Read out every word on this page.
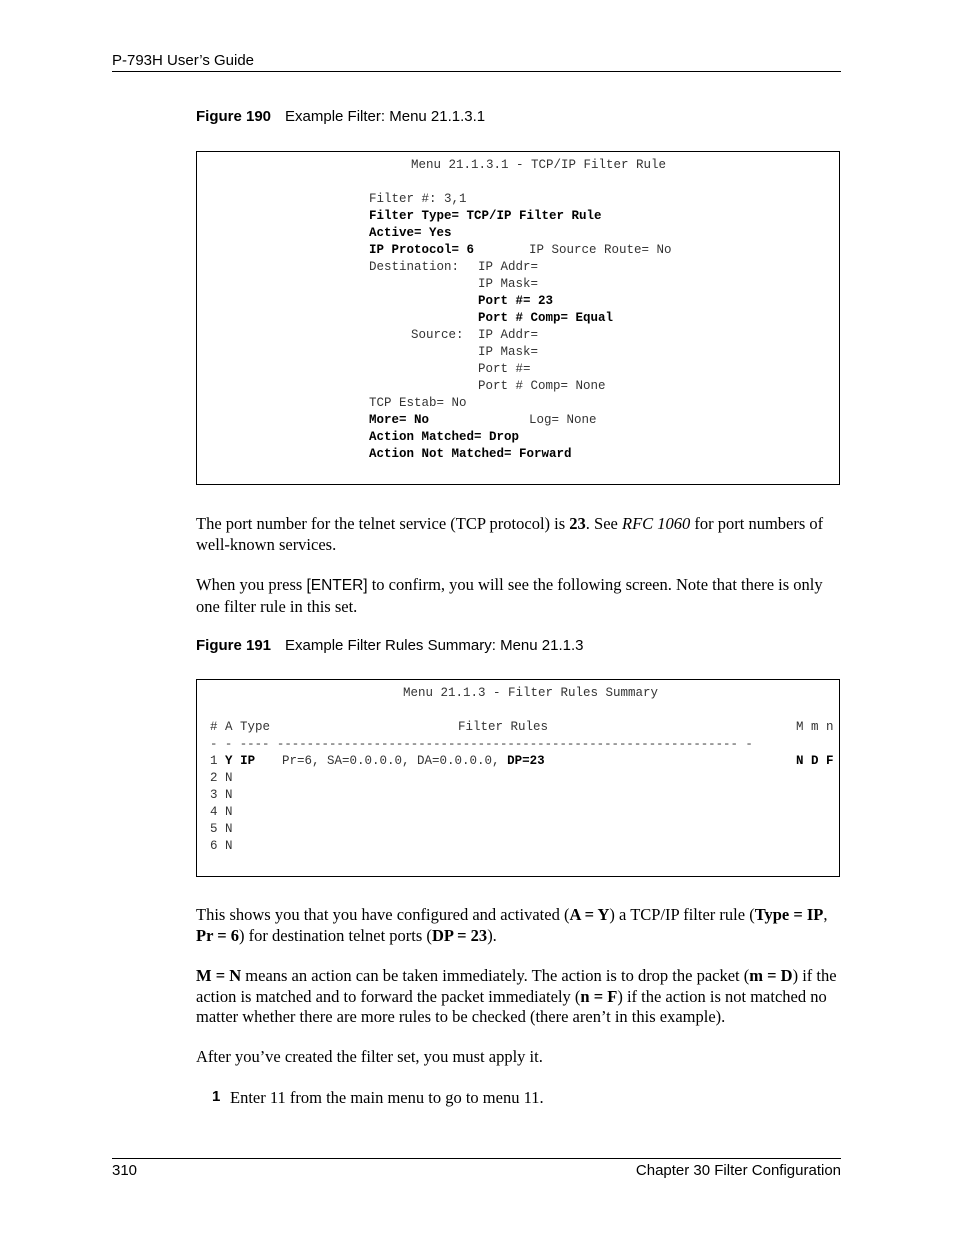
P-793H User’s Guide
Figure 190 Example Filter: Menu 21.1.3.1
Menu 21.1.3.1 - TCP/IP Filter Rule
Filter #: 3,1
Filter Type= TCP/IP Filter Rule
Active= Yes
IP Protocol= 6	IP Source Route= No
Destination: IP Addr=
IP Mask=
Port #= 23
Port # Comp= Equal
Source: IP Addr=
IP Mask=
Port #=
Port # Comp= None
TCP Estab= No
More= No	Log= None
Action Matched= Drop
Action Not Matched= Forward
The port number for the telnet service (TCP protocol) is 23. See RFC 1060 for port numbers of well-known services.
When you press [ENTER] to confirm, you will see the following screen. Note that there is only one filter rule in this set.
Figure 191 Example Filter Rules Summary: Menu 21.1.3
Menu 21.1.3 - Filter Rules Summary
# A Type	Filter Rules	M m n
- - ---- -------------------------------------------------------------- -
1 Y IP Pr=6, SA=0.0.0.0, DA=0.0.0.0, DP=23	N D F
2 N
3 N
4 N
5 N
6 N
This shows you that you have configured and activated (A = Y) a TCP/IP filter rule (Type = IP, Pr = 6) for destination telnet ports (DP = 23).
M = N means an action can be taken immediately. The action is to drop the packet (m = D) if the action is matched and to forward the packet immediately (n = F) if the action is not matched no matter whether there are more rules to be checked (there aren’t in this example).
After you’ve created the filter set, you must apply it.
1 Enter 11 from the main menu to go to menu 11.
310	Chapter 30 Filter Configuration
